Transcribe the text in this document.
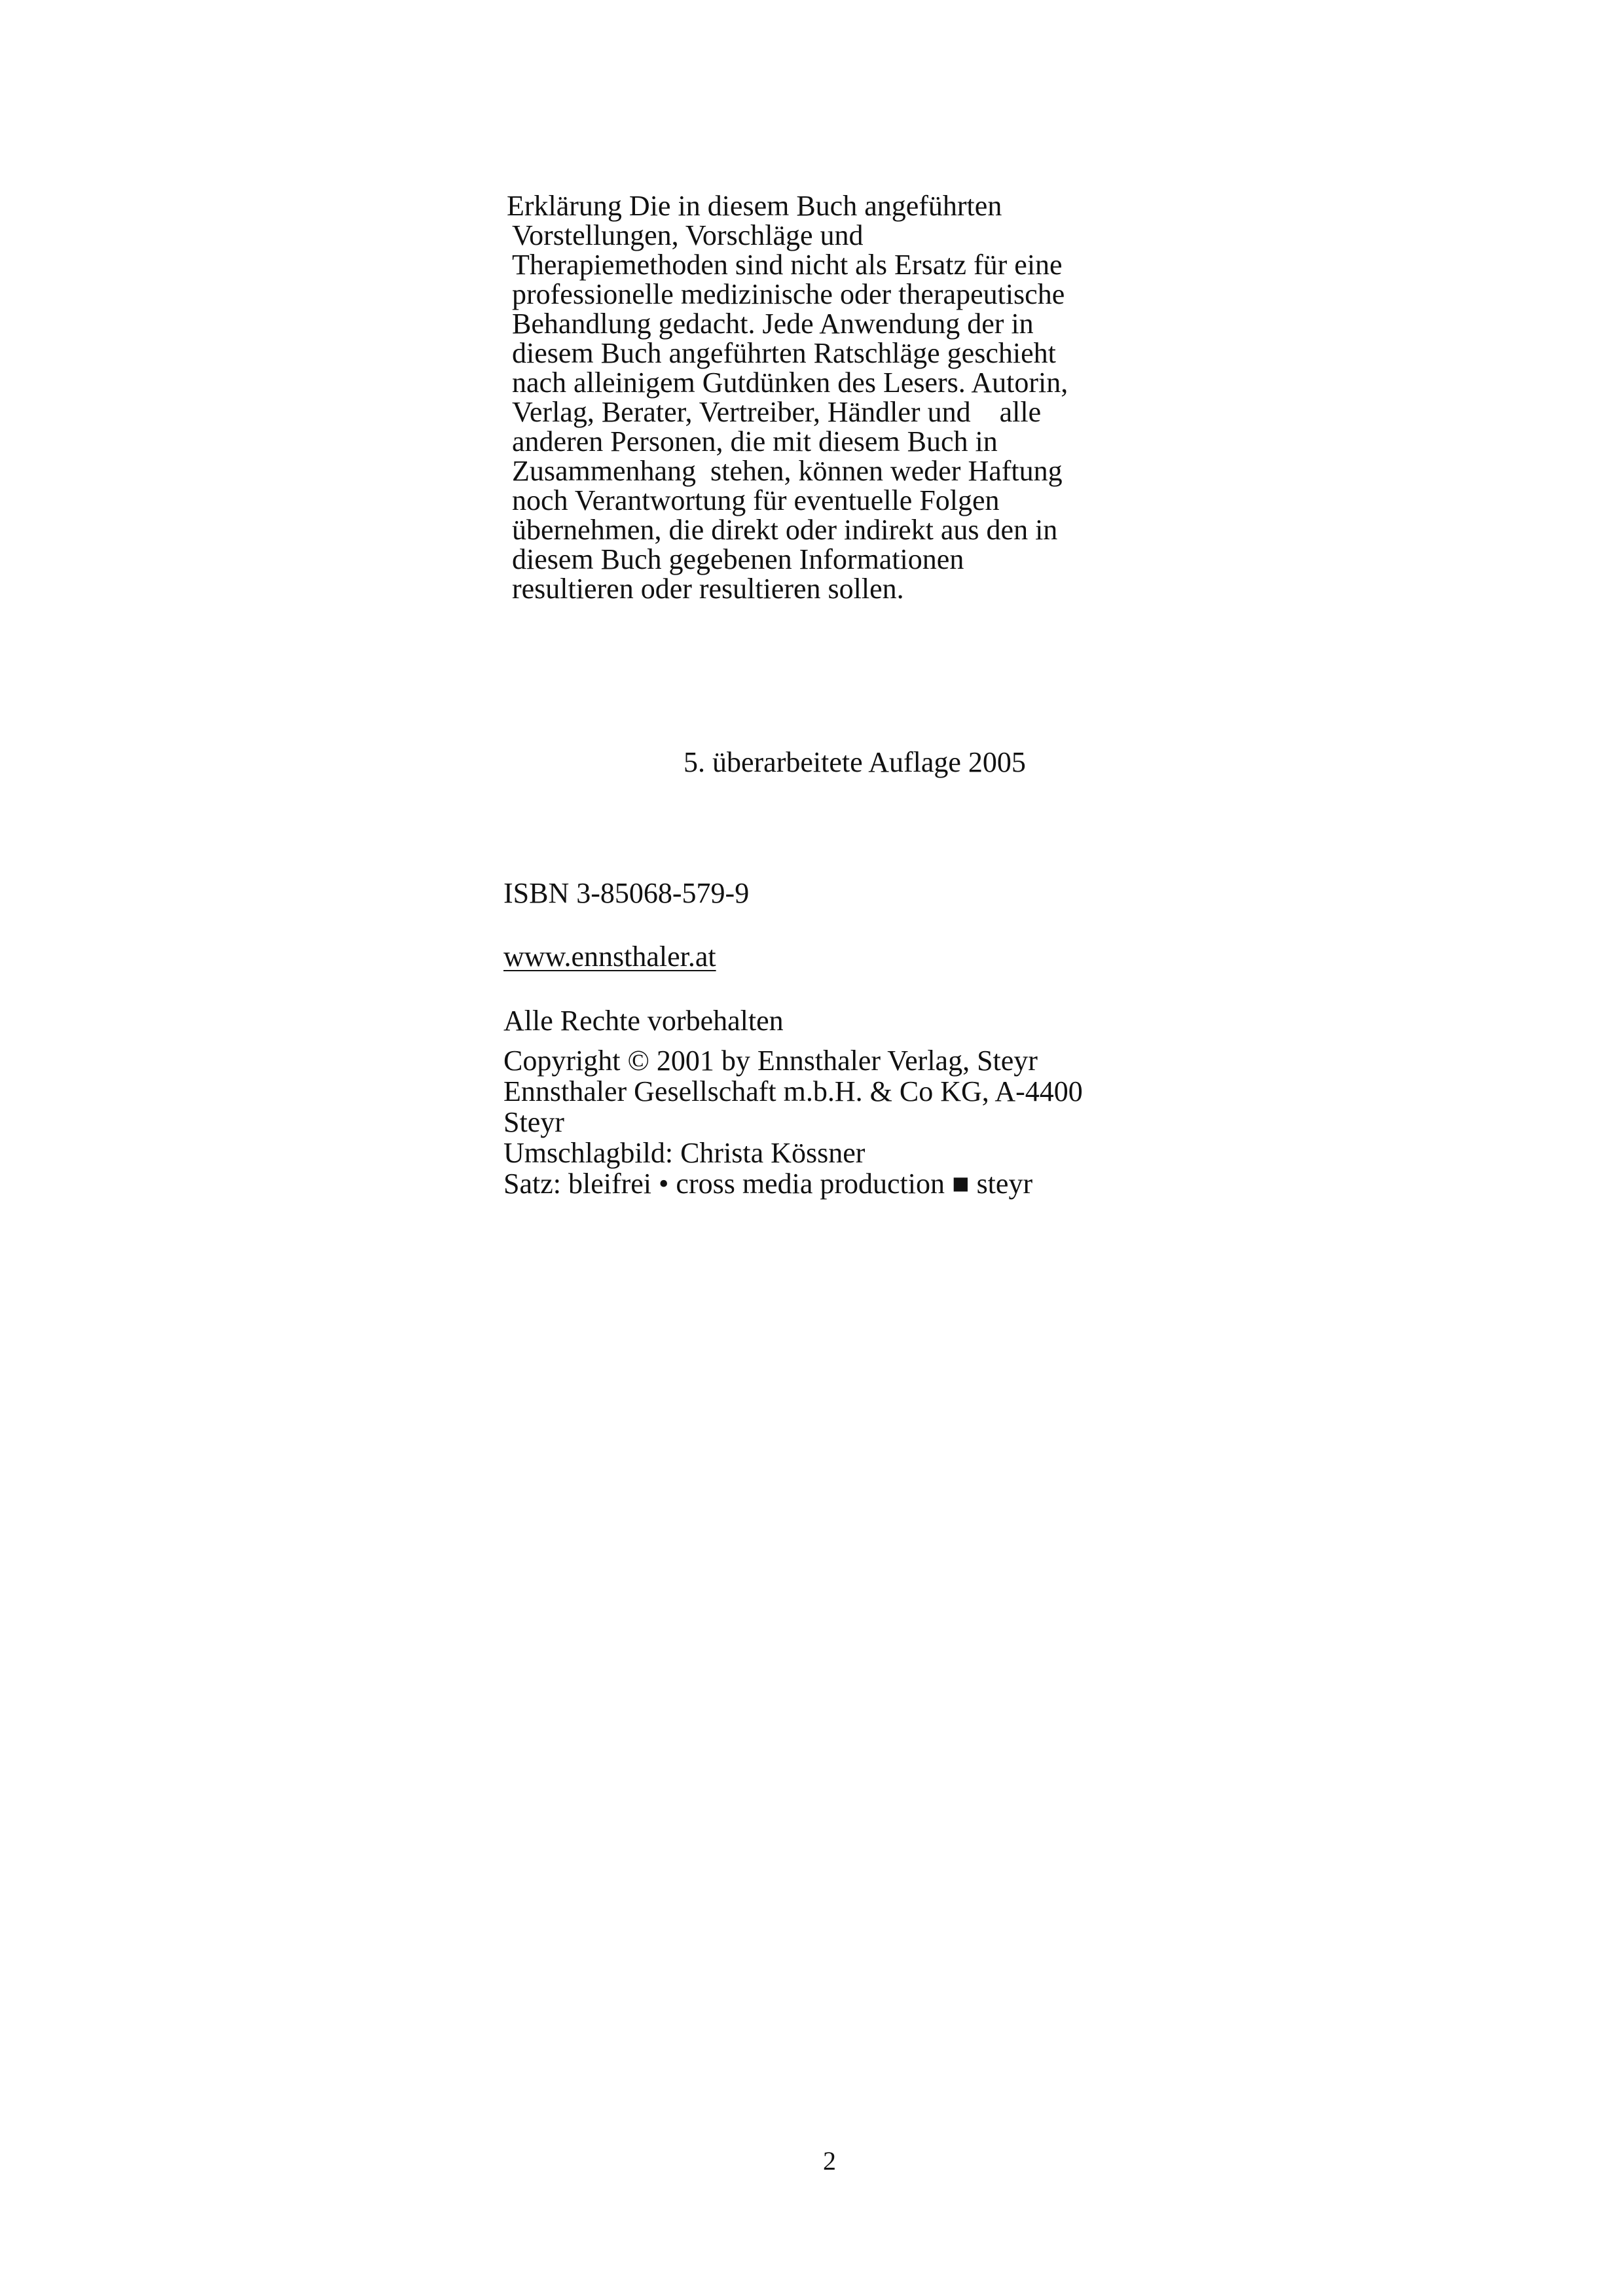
Erklärung Die in diesem Buch angeführten
Vorstellungen, Vorschläge und
Therapiemethoden sind nicht als Ersatz für eine
professionelle medizinische oder therapeutische
Behandlung gedacht. Jede Anwendung der in
diesem Buch angeführten Ratschläge geschieht
nach alleinigem Gutdünken des Lesers. Autorin,
Verlag, Berater, Vertreiber, Händler und    alle
anderen Personen, die mit diesem Buch in
Zusammenhang  stehen, können weder Haftung
noch Verantwortung für eventuelle Folgen
übernehmen, die direkt oder indirekt aus den in
diesem Buch gegebenen Informationen
resultieren oder resultieren sollen.
5. überarbeitete Auflage 2005
ISBN 3-85068-579-9
www.ennsthaler.at
Alle Rechte vorbehalten
Copyright © 2001 by Ennsthaler Verlag, Steyr
Ennsthaler Gesellschaft m.b.H. & Co KG, A-4400
Steyr
Umschlagbild: Christa Kössner
Satz: bleifrei • cross media production ■ steyr
2
